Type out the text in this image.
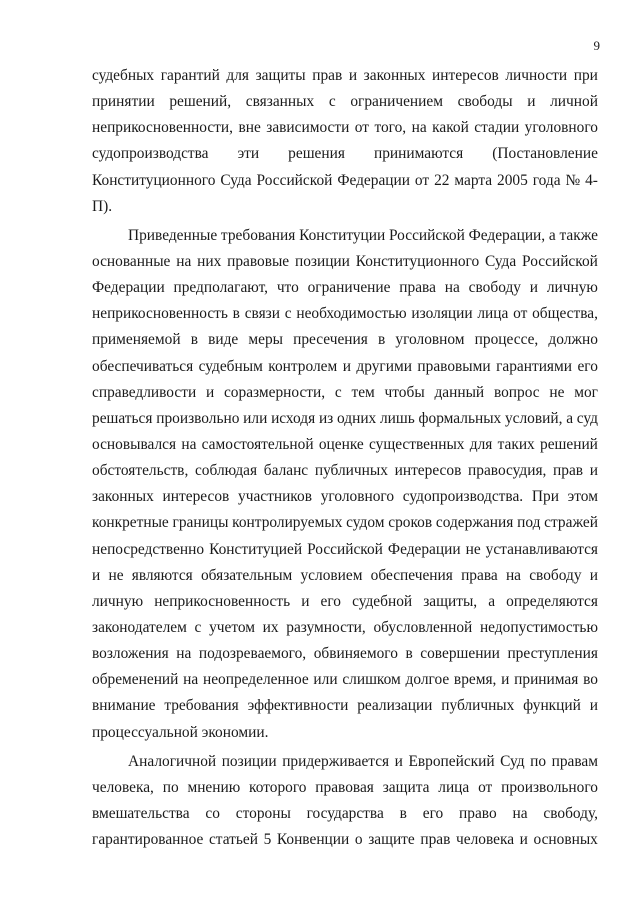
9
судебных гарантий для защиты прав и законных интересов личности при
принятии решений, связанных с ограничением свободы и личной
неприкосновенности, вне зависимости от того, на какой стадии уголовного
судопроизводства эти решения принимаются (Постановление
Конституционного Суда Российской Федерации от 22 марта 2005 года № 4-
П).
Приведенные требования Конституции Российской Федерации, а также
основанные на них правовые позиции Конституционного Суда Российской
Федерации предполагают, что ограничение права на свободу и личную
неприкосновенность в связи с необходимостью изоляции лица от общества,
применяемой в виде меры пресечения в уголовном процессе, должно
обеспечиваться судебным контролем и другими правовыми гарантиями его
справедливости и соразмерности, с тем чтобы данный вопрос не мог
решаться произвольно или исходя из одних лишь формальных условий, а суд
основывался на самостоятельной оценке существенных для таких решений
обстоятельств, соблюдая баланс публичных интересов правосудия, прав и
законных интересов участников уголовного судопроизводства. При этом
конкретные границы контролируемых судом сроков содержания под стражей
непосредственно Конституцией Российской Федерации не устанавливаются
и не являются обязательным условием обеспечения права на свободу и
личную неприкосновенность и его судебной защиты, а определяются
законодателем с учетом их разумности, обусловленной недопустимостью
возложения на подозреваемого, обвиняемого в совершении преступления
обременений на неопределенное или слишком долгое время, и принимая во
внимание требования эффективности реализации публичных функций и
процессуальной экономии.
Аналогичной позиции придерживается и Европейский Суд по правам
человека, по мнению которого правовая защита лица от произвольного
вмешательства со стороны государства в его право на свободу,
гарантированное статьей 5 Конвенции о защите прав человека и основных
